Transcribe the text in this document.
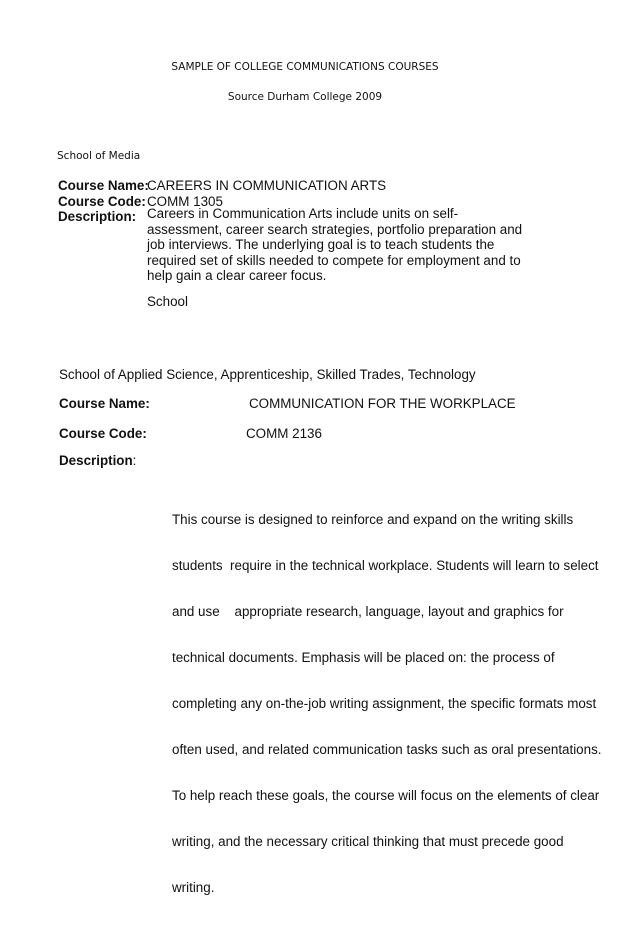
SAMPLE OF COLLEGE COMMUNICATIONS COURSES
Source Durham College 2009
School of Media
Course Name:
CAREERS IN COMMUNICATION ARTS
Course Code: COMM 1305
Description: Careers in Communication Arts include units on self-
assessment, career search strategies, portfolio preparation and
job interviews. The underlying goal is to teach students the
required set of skills needed to compete for employment and to
help gain a clear career focus.
School
School of Applied Science, Apprenticeship, Skilled Trades, Technology
Course Name:	COMMUNICATION FOR THE WORKPLACE
Course Code:	COMM 2136
Description:

This course is designed to reinforce and expand on the writing skills

students  require in the technical workplace. Students will learn to select

and use    appropriate research, language, layout and graphics for

technical documents. Emphasis will be placed on: the process of

completing any on-the-job writing assignment, the specific formats most

often used, and related communication tasks such as oral presentations.

To help reach these goals, the course will focus on the elements of clear

writing, and the necessary critical thinking that must precede good

writing.
